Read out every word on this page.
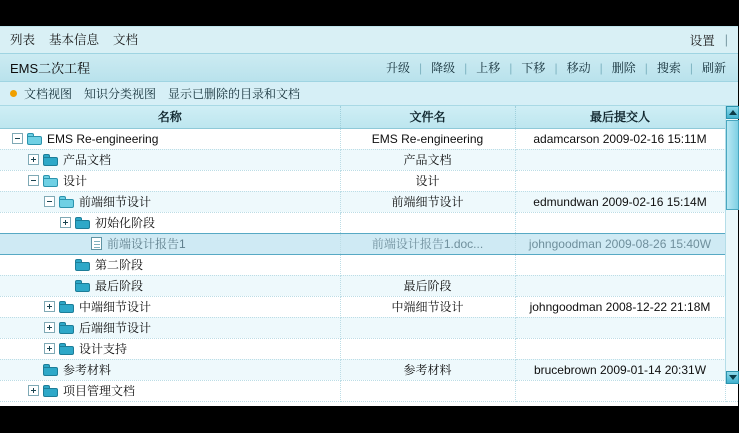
列表 基本信息 文档	设置 |
EMS二次工程	升级 | 降级 | 上移 | 下移 | 移动 | 删除 | 搜索 | 刷新
文档视图 知识分类视图 显示已删除的目录和文档
名称	文件名	最后提交人	

EMS Re-engineering	EMS Re-engineering	adamcarson 2009-02-16 15:11M	

产品文档	产品文档		

设计	设计		

前端细节设计	前端细节设计	edmundwan 2009-02-16 15:14M	

初始化阶段			

前端设计报告1	前端设计报告1.doc...	johngoodman 2009-08-26 15:40W	

第二阶段			

最后阶段	最后阶段		

中端细节设计	中端细节设计	johngoodman 2008-12-22 21:18M	

后端细节设计			

设计支持			

参考材料	参考材料	brucebrown 2009-01-14 20:31W	

项目管理文档			
